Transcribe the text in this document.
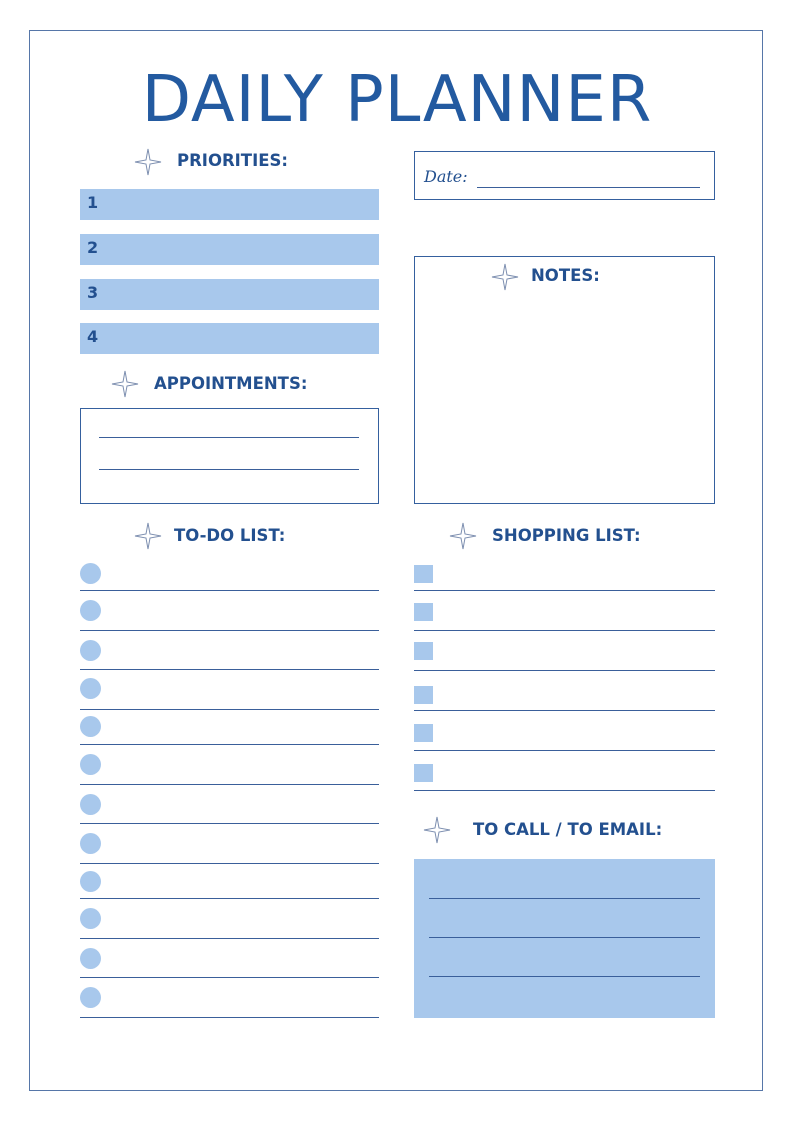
DAILY PLANNER
PRIORITIES:
1
2
3
4
Date:
NOTES:
APPOINTMENTS:
TO-DO LIST:	SHOPPING LIST:
TO CALL / TO EMAIL:
